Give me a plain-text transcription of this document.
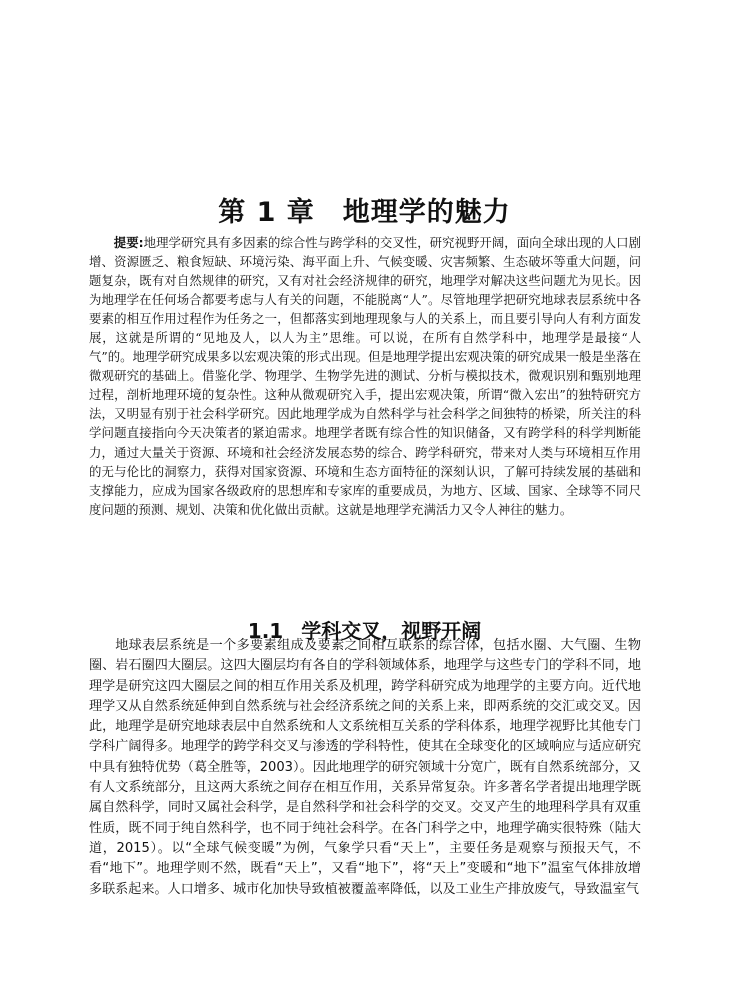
第 1 章 地理学的魅力

提要:地理学研究具有多因素的综合性与跨学科的交叉性，研究视野开阔，面向全球出现的人口剧增、资源匮乏、粮食短缺、环境污染、海平面上升、气候变暖、灾害频繁、生态破坏等重大问题，问题复杂，既有对自然规律的研究，又有对社会经济规律的研究，地理学对解决这些问题尤为见长。因为地理学在任何场合都要考虑与人有关的问题，不能脱离“人”。尽管地理学把研究地球表层系统中各要素的相互作用过程作为任务之一，但都落实到地理现象与人的关系上，而且要引导向人有利方面发展，这就是所谓的“见地及人，以人为主”思维。可以说，在所有自然学科中，地理学是最接“人气”的。地理学研究成果多以宏观决策的形式出现。但是地理学提出宏观决策的研究成果一般是坐落在微观研究的基础上。借鉴化学、物理学、生物学先进的测试、分析与模拟技术，微观识别和甄别地理过程，剖析地理环境的复杂性。这种从微观研究入手，提出宏观决策，所谓“微入宏出”的独特研究方法，又明显有别于社会科学研究。因此地理学成为自然科学与社会科学之间独特的桥梁，所关注的科学问题直接指向今天决策者的紧迫需求。地理学者既有综合性的知识储备，又有跨学科的科学判断能力，通过大量关于资源、环境和社会经济发展态势的综合、跨学科研究，带来对人类与环境相互作用的无与伦比的洞察力，获得对国家资源、环境和生态方面特征的深刻认识，了解可持续发展的基础和支撑能力，应成为国家各级政府的思想库和专家库的重要成员，为地方、区域、国家、全球等不同尺度问题的预测、规划、决策和优化做出贡献。这就是地理学充满活力又令人神往的魅力。

1.1 学科交叉，视野开阔

地球表层系统是一个多要素组成及要素之间相互联系的综合体，包括水圈、大气圈、生物圈、岩石圈四大圈层。这四大圈层均有各自的学科领域体系，地理学与这些专门的学科不同，地理学是研究这四大圈层之间的相互作用关系及机理，跨学科研究成为地理学的主要方向。近代地理学又从自然系统延伸到自然系统与社会经济系统之间的关系上来，即两系统的交汇或交叉。因此，地理学是研究地球表层中自然系统和人文系统相互关系的学科体系，地理学视野比其他专门学科广阔得多。地理学的跨学科交叉与渗透的学科特性，使其在全球变化的区域响应与适应研究中具有独特优势（葛全胜等，2003）。因此地理学的研究领域十分宽广，既有自然系统部分，又有人文系统部分，且这两大系统之间存在相互作用，关系异常复杂。许多著名学者提出地理学既属自然科学，同时又属社会科学，是自然科学和社会科学的交叉。交叉产生的地理科学具有双重性质，既不同于纯自然科学，也不同于纯社会科学。在各门科学之中，地理学确实很特殊（陆大道，2015）。以“全球气候变暖”为例，气象学只看“天上”，主要任务是观察与预报天气，不看“地下”。地理学则不然，既看“天上”，又看“地下”，将“天上”变暖和“地下”温室气体排放增多联系起来。人口增多、城市化加快导致植被覆盖率降低，以及工业生产排放废气，导致温室气
